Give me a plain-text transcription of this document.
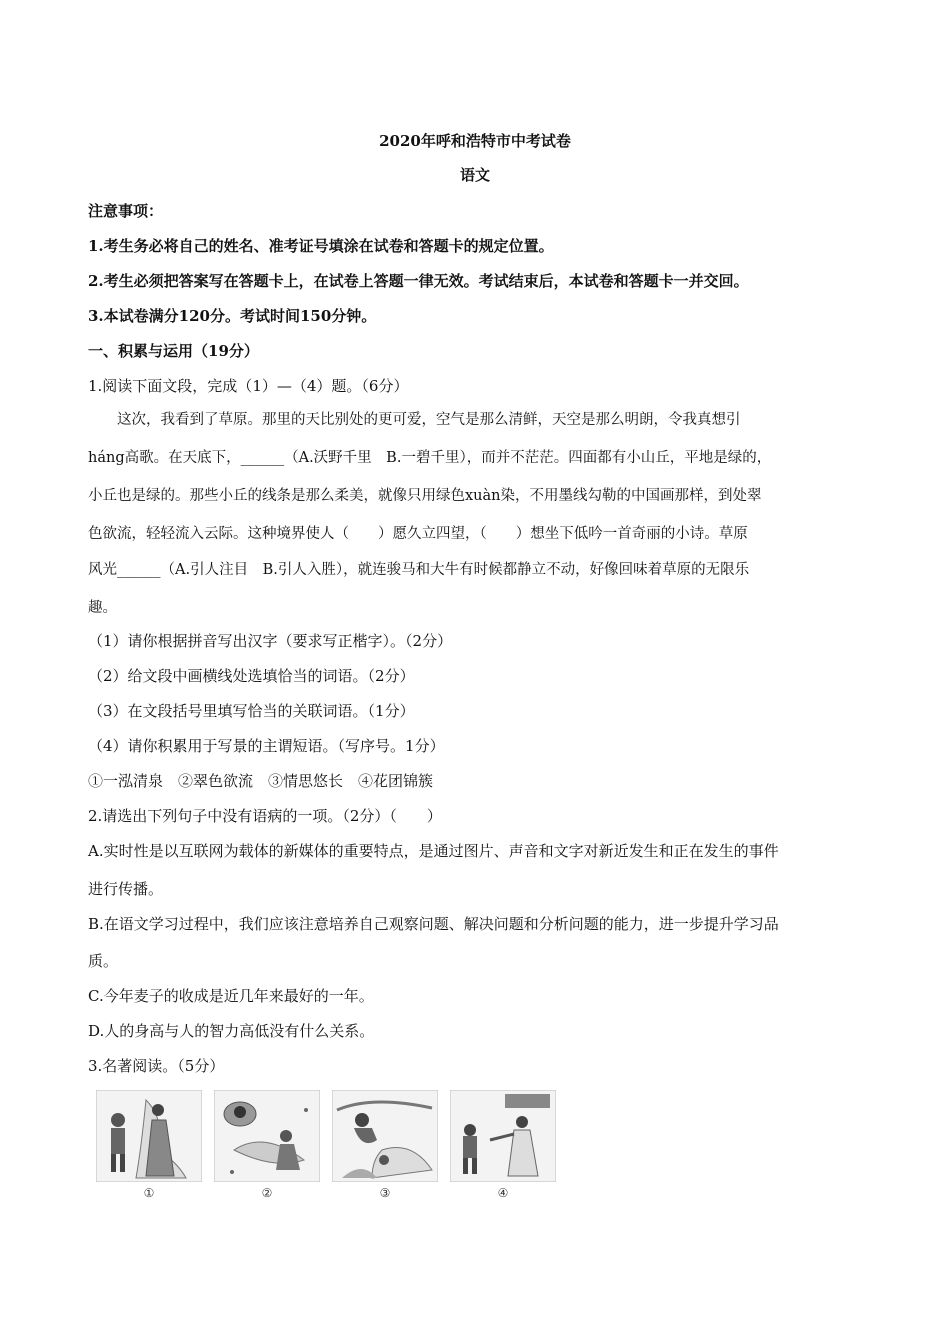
2020年呼和浩特市中考试卷
语文
注意事项：
1.考生务必将自己的姓名、准考证号填涂在试卷和答题卡的规定位置。
2.考生必须把答案写在答题卡上，在试卷上答题一律无效。考试结束后，本试卷和答题卡一并交回。
3.本试卷满分120分。考试时间150分钟。
一、积累与运用（19分）
1.阅读下面文段，完成（1）—（4）题。（6分）
　　这次，我看到了草原。那里的天比别处的更可爱，空气是那么清鲜，天空是那么明朗，令我真想引
háng高歌。在天底下，______（A.沃野千里　B.一碧千里），而并不茫茫。四面都有小山丘，平地是绿的，
小丘也是绿的。那些小丘的线条是那么柔美，就像只用绿色xuàn染，不用墨线勾勒的中国画那样，到处翠
色欲流，轻轻流入云际。这种境界使人（　　）愿久立四望，（　　）想坐下低吟一首奇丽的小诗。草原
风光______（A.引人注目　B.引人入胜），就连骏马和大牛有时候都静立不动，好像回味着草原的无限乐
趣。
（1）请你根据拼音写出汉字（要求写正楷字）。（2分）
（2）给文段中画横线处选填恰当的词语。（2分）
（3）在文段括号里填写恰当的关联词语。（1分）
（4）请你积累用于写景的主谓短语。（写序号。1分）
①一泓清泉　②翠色欲流　③情思悠长　④花团锦簇
2.请选出下列句子中没有语病的一项。（2分）（　　）
A.实时性是以互联网为载体的新媒体的重要特点，是通过图片、声音和文字对新近发生和正在发生的事件
进行传播。
B.在语文学习过程中，我们应该注意培养自己观察问题、解决问题和分析问题的能力，进一步提升学习品
质。
C.今年麦子的收成是近几年来最好的一年。
D.人的身高与人的智力高低没有什么关系。
3.名著阅读。（5分）
①	②	③	④
